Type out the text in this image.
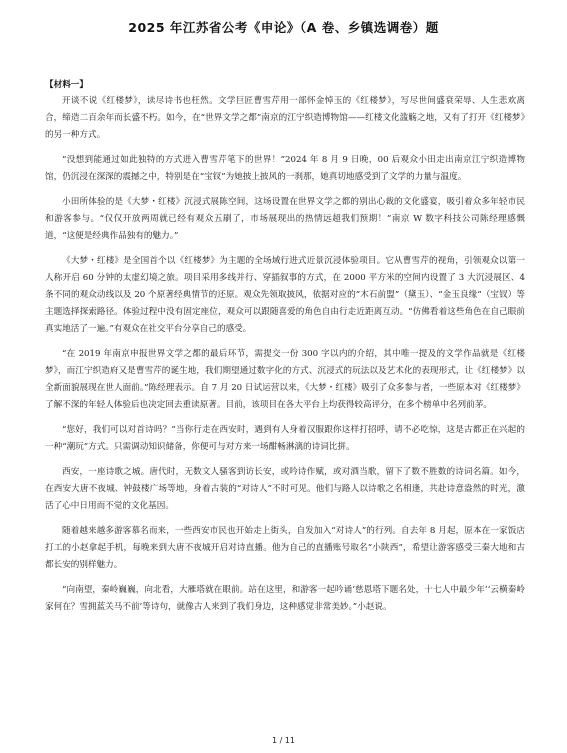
2025 年江苏省公考《申论》（A 卷、乡镇选调卷）题
【材料一】

开谈不说《红楼梦》，读尽诗书也枉然。文学巨匠曹雪芹用一部怀金悼玉的《红楼梦》，写尽世间盛衰荣辱、人生悲欢离合，缔造二百余年而长盛不朽。如今，在“世界文学之都”南京的江宁织造博物馆——红楼文化滥觞之地，又有了打开《红楼梦》的另一种方式。

“没想到能通过如此独特的方式进入曹雪芹笔下的世界！”2024 年 8 月 9 日晚，00 后观众小田走出南京江宁织造博物馆，仍沉浸在深深的震撼之中，特别是在“宝钗”为她披上披风的一刹那，她真切地感受到了文学的力量与温度。

小田所体验的是《大梦・红楼》沉浸式展陈空间，这场设置在世界文学之都的别出心裁的文化盛宴，吸引着众多年轻市民和游客参与。“仅仅开放两周就已经有观众五刷了，市场展现出的热情远超我们预期！”南京 W 数字科技公司陈经理感慨道，“这便是经典作品独有的魅力。”

《大梦・红楼》是全国首个以《红楼梦》为主题的全场域行进式近景沉浸体验项目。它从曹雪芹的视角，引领观众以第一人称开启 60 分钟的太虚幻境之旅。项目采用多线并行、穿插叙事的方式，在 2000 平方米的空间内设置了 3 大沉浸展区、4 条不同的观众动线以及 20 个原著经典情节的还原。观众先领取披风，依据对应的“木石前盟”（黛玉）、“金玉良缘”（宝钗）等主题选择探索路径。体验过程中没有固定座位，观众可以跟随喜爱的角色自由行走近距离互动。“仿佛看着这些角色在自己眼前真实地活了一遍。”有观众在社交平台分享自己的感受。

“在 2019 年南京申报世界文学之都的最后环节，需提交一份 300 字以内的介绍，其中唯一提及的文学作品就是《红楼梦》，而江宁织造府又是曹雪芹的诞生地，我们期望通过数字化的方式、沉浸式的玩法以及艺术化的表现形式，让《红楼梦》以全新面貌展现在世人面前。”陈经理表示。自 7 月 20 日试运营以来，《大梦・红楼》吸引了众多参与者，一些原本对《红楼梦》了解不深的年轻人体验后也决定回去重读原著。目前，该项目在各大平台上均获得较高评分，在多个榜单中名列前茅。

“您好，我们可以对首诗吗？”当你行走在西安时，遇到有人身着汉服跟你这样打招呼，请不必吃惊，这是古都正在兴起的一种“潮玩”方式。只需调动知识储备，你便可与对方来一场酣畅淋漓的诗词比拼。

西安，一座诗歌之城。唐代时，无数文人骚客到访长安，或吟诗作赋，或对酒当歌，留下了数不胜数的诗词名篇。如今，在西安大唐不夜城、钟鼓楼广场等地，身着古装的“对诗人”不时可见。他们与路人以诗歌之名相逢，共赴诗意盎然的时光，激活了心中日用而不觉的文化基因。

随着越来越多游客慕名而来，一些西安市民也开始走上街头，自发加入“对诗人”的行列。自去年 8 月起，原本在一家饭店打工的小赵拿起手机，每晚来到大唐不夜城开启对诗直播。他为自己的直播账号取名“小陕西”，希望让游客感受三秦大地和古都长安的别样魅力。

“向南望，秦岭巍巍，向北看，大雁塔就在眼前。站在这里，和游客一起吟诵‘慈恩塔下题名处，十七人中最少年’‘云横秦岭家何在？雪拥蓝关马不前’等诗句，就像古人来到了我们身边，这种感觉非常美妙。”小赵说。

1 / 11
